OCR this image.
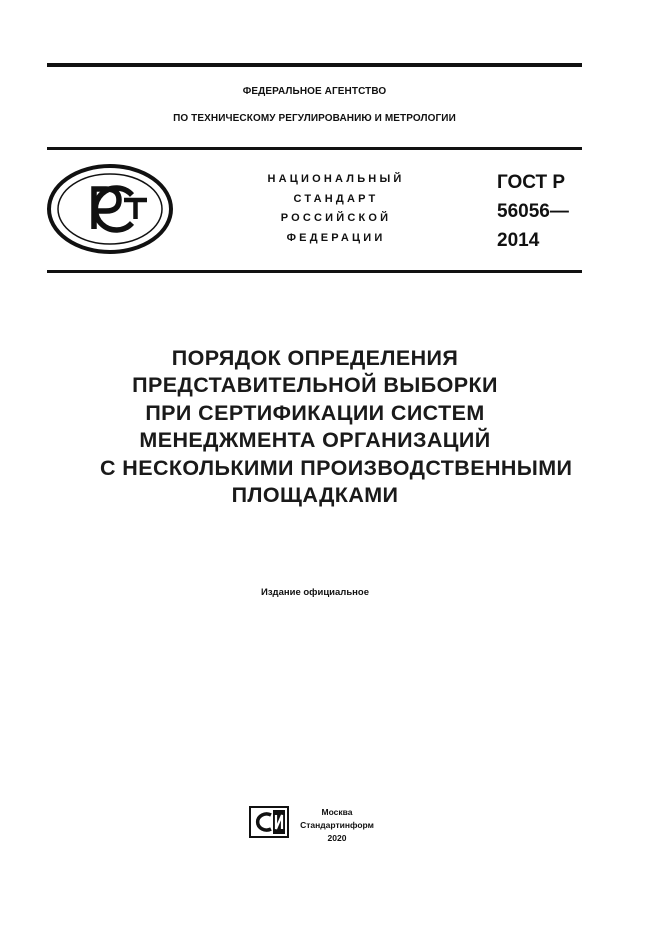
ФЕДЕРАЛЬНОЕ АГЕНТСТВО
ПО ТЕХНИЧЕСКОМУ РЕГУЛИРОВАНИЮ И МЕТРОЛОГИИ
НАЦИОНАЛЬНЫЙ
СТАНДАРТ
РОССИЙСКОЙ
ФЕДЕРАЦИИ
ГОСТ Р
56056—
2014
ПОРЯДОК ОПРЕДЕЛЕНИЯ
ПРЕДСТАВИТЕЛЬНОЙ ВЫБОРКИ
ПРИ СЕРТИФИКАЦИИ СИСТЕМ
МЕНЕДЖМЕНТА ОРГАНИЗАЦИЙ
С НЕСКОЛЬКИМИ ПРОИЗВОДСТВЕННЫМИ
ПЛОЩАДКАМИ
Издание официальное
Москва
Стандартинформ
2020
